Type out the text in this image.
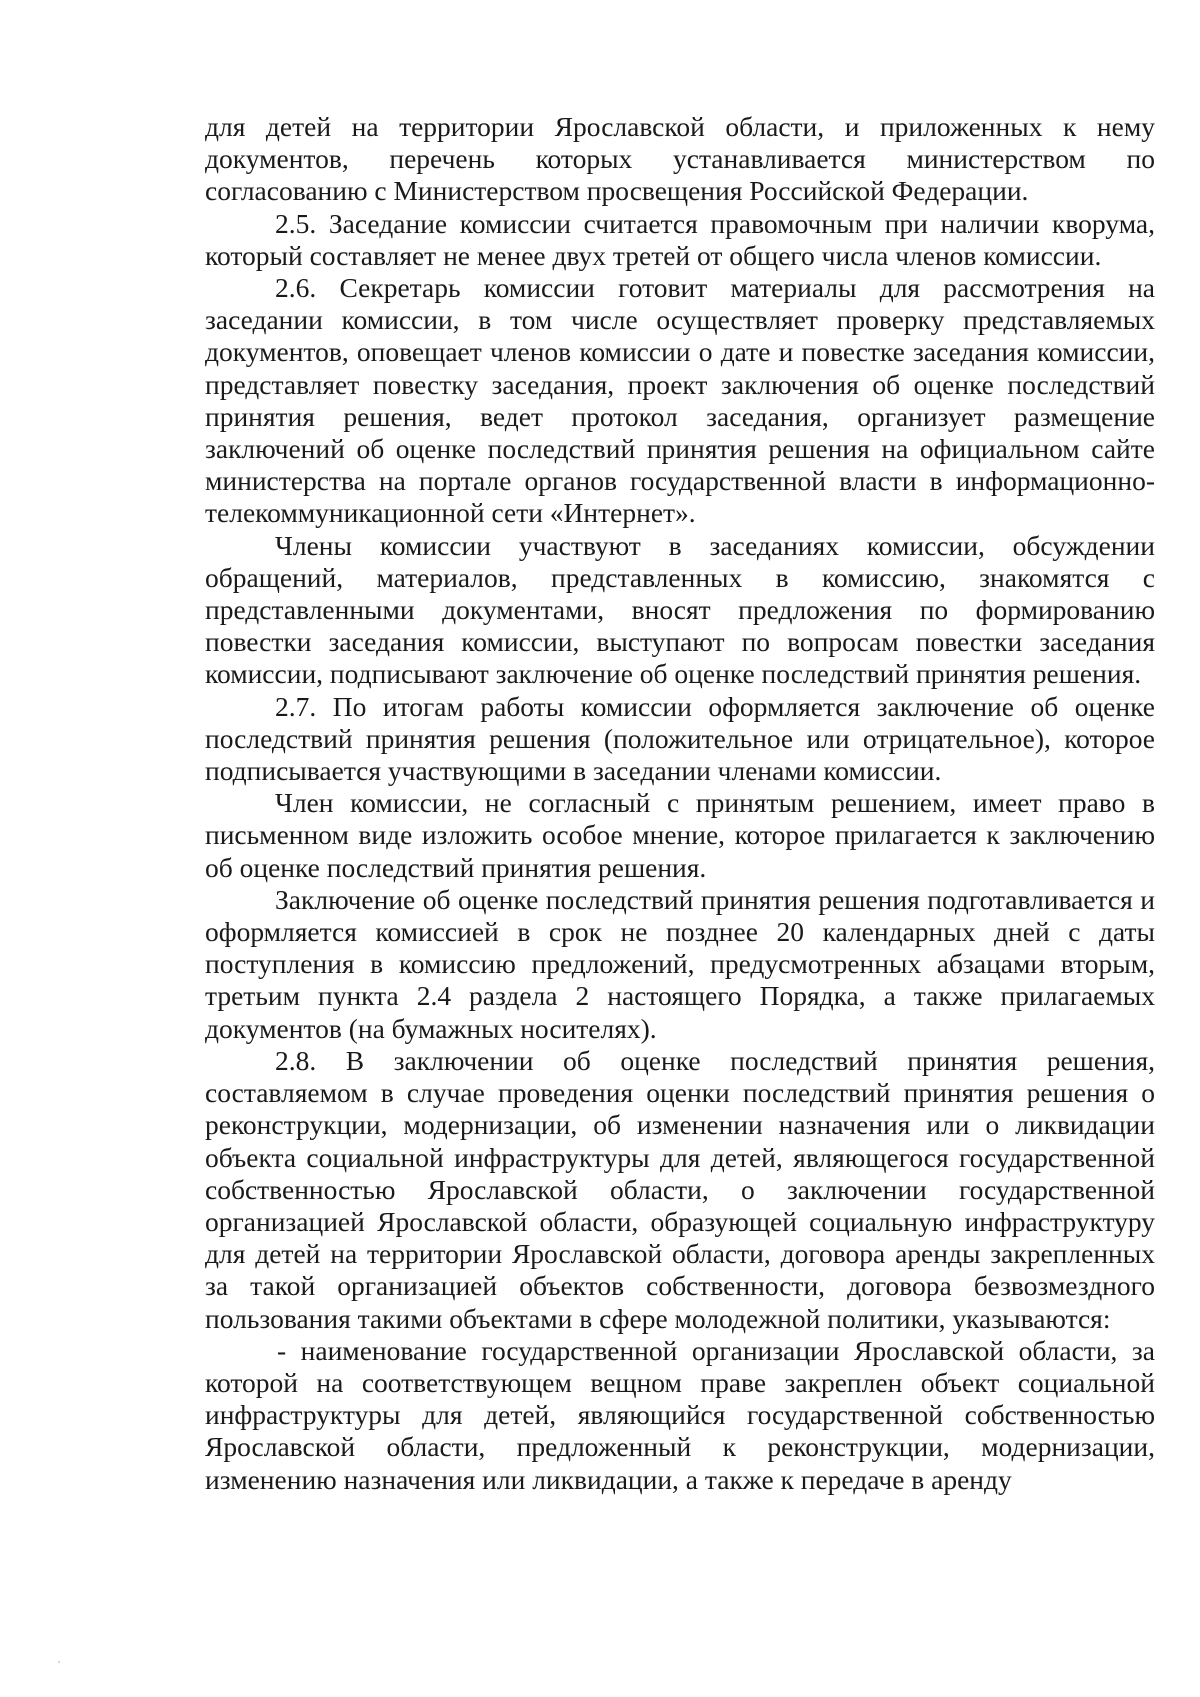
для детей на территории Ярославской области, и приложенных к нему документов, перечень которых устанавливается министерством по согласованию с Министерством просвещения Российской Федерации.

2.5. Заседание комиссии считается правомочным при наличии кворума, который составляет не менее двух третей от общего числа членов комиссии.

2.6. Секретарь комиссии готовит материалы для рассмотрения на заседании комиссии, в том числе осуществляет проверку представляемых документов, оповещает членов комиссии о дате и повестке заседания комиссии, представляет повестку заседания, проект заключения об оценке последствий принятия решения, ведет протокол заседания, организует размещение заключений об оценке последствий принятия решения на официальном сайте министерства на портале органов государственной власти в информационно-телекоммуникационной сети «Интернет».

Члены комиссии участвуют в заседаниях комиссии, обсуждении обращений, материалов, представленных в комиссию, знакомятся с представленными документами, вносят предложения по формированию повестки заседания комиссии, выступают по вопросам повестки заседания комиссии, подписывают заключение об оценке последствий принятия решения.

2.7. По итогам работы комиссии оформляется заключение об оценке последствий принятия решения (положительное или отрицательное), которое подписывается участвующими в заседании членами комиссии.

Член комиссии, не согласный с принятым решением, имеет право в письменном виде изложить особое мнение, которое прилагается к заключению об оценке последствий принятия решения.

Заключение об оценке последствий принятия решения подготавливается и оформляется комиссией в срок не позднее 20 календарных дней с даты поступления в комиссию предложений, предусмотренных абзацами вторым, третьим пункта 2.4 раздела 2 настоящего Порядка, а также прилагаемых документов (на бумажных носителях).

2.8. В заключении об оценке последствий принятия решения, составляемом в случае проведения оценки последствий принятия решения о реконструкции, модернизации, об изменении назначения или о ликвидации объекта социальной инфраструктуры для детей, являющегося государственной собственностью Ярославской области, о заключении государственной организацией Ярославской области, образующей социальную инфраструктуру для детей на территории Ярославской области, договора аренды закрепленных за такой организацией объектов собственности, договора безвозмездного пользования такими объектами в сфере молодежной политики, указываются:

- наименование государственной организации Ярославской области, за которой на соответствующем вещном праве закреплен объект социальной инфраструктуры для детей, являющийся государственной собственностью Ярославской области, предложенный к реконструкции, модернизации, изменению назначения или ликвидации, а также к передаче в аренду
